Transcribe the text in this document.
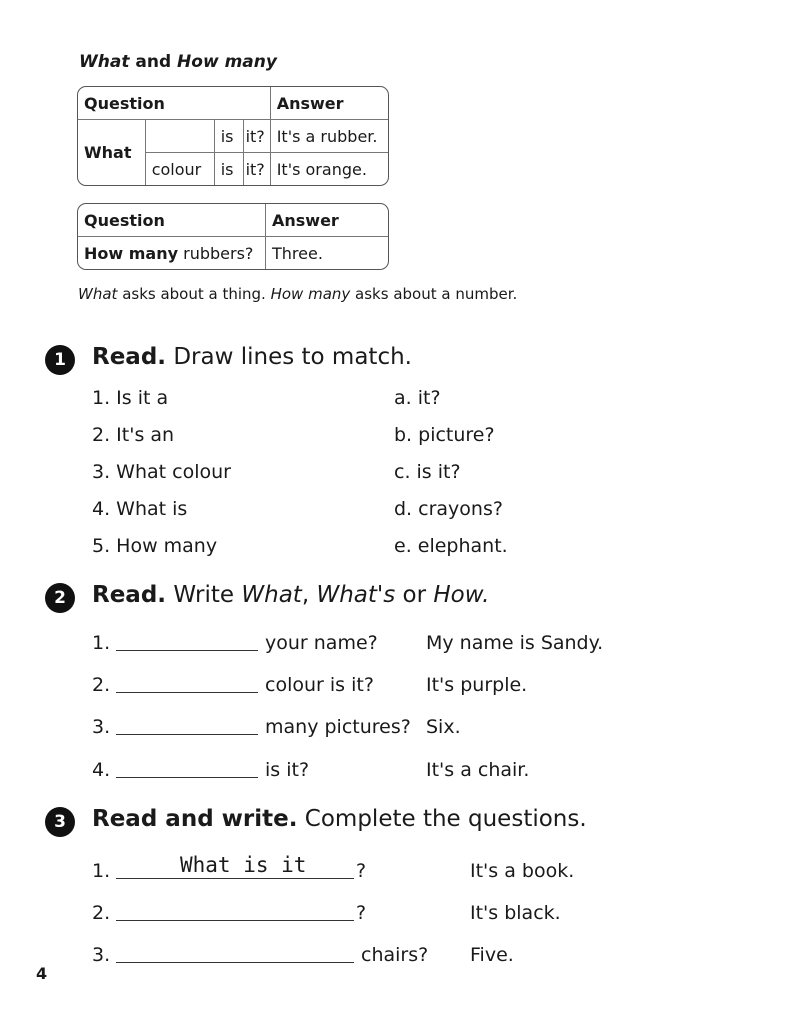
What and How many
Question				Answer
What		is	it?	It's a rubber.
	colour	is	it?	It's orange.
Question	Answer
How many rubbers?	Three.
What asks about a thing. How many asks about a number.
1	Read. Draw lines to match.
1. Is it a
2. It's an
3. What colour
4. What is
5. How many
a. it?
b. picture?
c. is it?
d. crayons?
e. elephant.
2	Read. Write What, What's or How.
1.	your name?	My name is Sandy.
2.	colour is it?	It's purple.
3.	many pictures? Six.
4.	is it?	It's a chair.
3	Read and write. Complete the questions.
1.	What is it	?	It's a book.
2.	?	It's black.
3.	chairs? Five.
4
